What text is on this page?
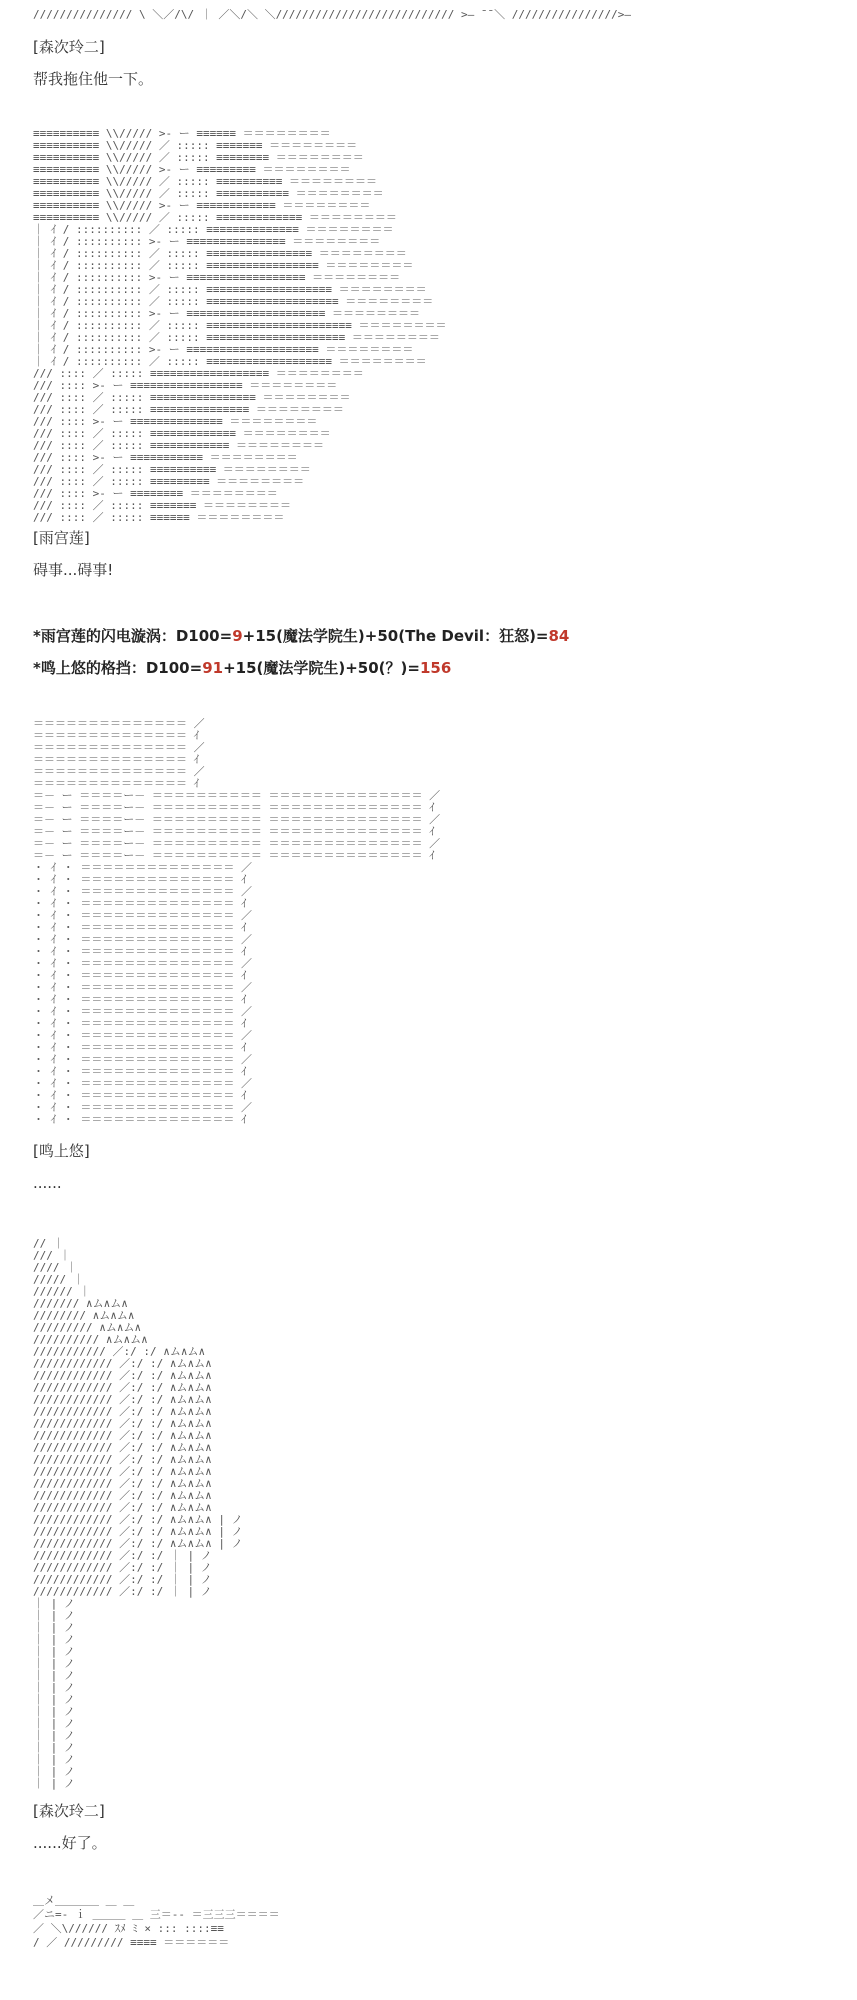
/////////////// \ ＼／/\/ ｜ ／＼/＼ ＼/////////////////////////// >— ̄ ̄ ＼ ////////////////>—
[森次玲二]
帮我拖住他一下。
≡≡≡≡≡≡≡≡≡≡ \\///// >- ー ≡≡≡≡≡≡ ＝＝＝＝＝＝＝＝
≡≡≡≡≡≡≡≡≡≡ \\///// ／ ::::: ≡≡≡≡≡≡≡ ＝＝＝＝＝＝＝＝
≡≡≡≡≡≡≡≡≡≡ \\///// ／ ::::: ≡≡≡≡≡≡≡≡ ＝＝＝＝＝＝＝＝
≡≡≡≡≡≡≡≡≡≡ \\///// >- ー ≡≡≡≡≡≡≡≡≡ ＝＝＝＝＝＝＝＝
≡≡≡≡≡≡≡≡≡≡ \\///// ／ ::::: ≡≡≡≡≡≡≡≡≡≡ ＝＝＝＝＝＝＝＝
≡≡≡≡≡≡≡≡≡≡ \\///// ／ ::::: ≡≡≡≡≡≡≡≡≡≡≡ ＝＝＝＝＝＝＝＝
≡≡≡≡≡≡≡≡≡≡ \\///// >- ー ≡≡≡≡≡≡≡≡≡≡≡≡ ＝＝＝＝＝＝＝＝
≡≡≡≡≡≡≡≡≡≡ \\///// ／ ::::: ≡≡≡≡≡≡≡≡≡≡≡≡≡ ＝＝＝＝＝＝＝＝
｜ ｲ / :::::::::: ／ ::::: ≡≡≡≡≡≡≡≡≡≡≡≡≡≡ ＝＝＝＝＝＝＝＝
｜ ｲ / :::::::::: >- ー ≡≡≡≡≡≡≡≡≡≡≡≡≡≡≡ ＝＝＝＝＝＝＝＝
｜ ｲ / :::::::::: ／ ::::: ≡≡≡≡≡≡≡≡≡≡≡≡≡≡≡≡ ＝＝＝＝＝＝＝＝
｜ ｲ / :::::::::: ／ ::::: ≡≡≡≡≡≡≡≡≡≡≡≡≡≡≡≡≡ ＝＝＝＝＝＝＝＝
｜ ｲ / :::::::::: >- ー ≡≡≡≡≡≡≡≡≡≡≡≡≡≡≡≡≡≡ ＝＝＝＝＝＝＝＝
｜ ｲ / :::::::::: ／ ::::: ≡≡≡≡≡≡≡≡≡≡≡≡≡≡≡≡≡≡≡ ＝＝＝＝＝＝＝＝
｜ ｲ / :::::::::: ／ ::::: ≡≡≡≡≡≡≡≡≡≡≡≡≡≡≡≡≡≡≡≡ ＝＝＝＝＝＝＝＝
｜ ｲ / :::::::::: >- ー ≡≡≡≡≡≡≡≡≡≡≡≡≡≡≡≡≡≡≡≡≡ ＝＝＝＝＝＝＝＝
｜ ｲ / :::::::::: ／ ::::: ≡≡≡≡≡≡≡≡≡≡≡≡≡≡≡≡≡≡≡≡≡≡ ＝＝＝＝＝＝＝＝
｜ ｲ / :::::::::: ／ ::::: ≡≡≡≡≡≡≡≡≡≡≡≡≡≡≡≡≡≡≡≡≡ ＝＝＝＝＝＝＝＝
｜ ｲ / :::::::::: >- ー ≡≡≡≡≡≡≡≡≡≡≡≡≡≡≡≡≡≡≡≡ ＝＝＝＝＝＝＝＝
｜ ｲ / :::::::::: ／ ::::: ≡≡≡≡≡≡≡≡≡≡≡≡≡≡≡≡≡≡≡ ＝＝＝＝＝＝＝＝
/// :::: ／ ::::: ≡≡≡≡≡≡≡≡≡≡≡≡≡≡≡≡≡≡ ＝＝＝＝＝＝＝＝
/// :::: >- ー ≡≡≡≡≡≡≡≡≡≡≡≡≡≡≡≡≡ ＝＝＝＝＝＝＝＝
/// :::: ／ ::::: ≡≡≡≡≡≡≡≡≡≡≡≡≡≡≡≡ ＝＝＝＝＝＝＝＝
/// :::: ／ ::::: ≡≡≡≡≡≡≡≡≡≡≡≡≡≡≡ ＝＝＝＝＝＝＝＝
/// :::: >- ー ≡≡≡≡≡≡≡≡≡≡≡≡≡≡ ＝＝＝＝＝＝＝＝
/// :::: ／ ::::: ≡≡≡≡≡≡≡≡≡≡≡≡≡ ＝＝＝＝＝＝＝＝
/// :::: ／ ::::: ≡≡≡≡≡≡≡≡≡≡≡≡ ＝＝＝＝＝＝＝＝
/// :::: >- ー ≡≡≡≡≡≡≡≡≡≡≡ ＝＝＝＝＝＝＝＝
/// :::: ／ ::::: ≡≡≡≡≡≡≡≡≡≡ ＝＝＝＝＝＝＝＝
/// :::: ／ ::::: ≡≡≡≡≡≡≡≡≡ ＝＝＝＝＝＝＝＝
/// :::: >- ー ≡≡≡≡≡≡≡≡ ＝＝＝＝＝＝＝＝
/// :::: ／ ::::: ≡≡≡≡≡≡≡ ＝＝＝＝＝＝＝＝
/// :::: ／ ::::: ≡≡≡≡≡≡ ＝＝＝＝＝＝＝＝
[雨宫莲]
碍事...碍事!
*雨宫莲的闪电漩涡：D100=9+15(魔法学院生)+50(The Devil：狂怒)=84
*鸣上悠的格挡：D100=91+15(魔法学院生)+50(？)=156
＝＝＝＝＝＝＝＝＝＝＝＝＝＝ ／
＝＝＝＝＝＝＝＝＝＝＝＝＝＝ ｲ
＝＝＝＝＝＝＝＝＝＝＝＝＝＝ ／
＝＝＝＝＝＝＝＝＝＝＝＝＝＝ ｲ
＝＝＝＝＝＝＝＝＝＝＝＝＝＝ ／
＝＝＝＝＝＝＝＝＝＝＝＝＝＝ ｲ
＝－ ー ＝＝＝＝ー－ ＝＝＝＝＝＝＝＝＝＝ ＝＝＝＝＝＝＝＝＝＝＝＝＝＝ ／
＝－ ー ＝＝＝＝ー－ ＝＝＝＝＝＝＝＝＝＝ ＝＝＝＝＝＝＝＝＝＝＝＝＝＝ ｲ
＝－ ー ＝＝＝＝ー－ ＝＝＝＝＝＝＝＝＝＝ ＝＝＝＝＝＝＝＝＝＝＝＝＝＝ ／
＝－ ー ＝＝＝＝ー－ ＝＝＝＝＝＝＝＝＝＝ ＝＝＝＝＝＝＝＝＝＝＝＝＝＝ ｲ
＝－ ー ＝＝＝＝ー－ ＝＝＝＝＝＝＝＝＝＝ ＝＝＝＝＝＝＝＝＝＝＝＝＝＝ ／
＝－ ー ＝＝＝＝ー－ ＝＝＝＝＝＝＝＝＝＝ ＝＝＝＝＝＝＝＝＝＝＝＝＝＝ ｲ
・ ｲ ・ ＝＝＝＝＝＝＝＝＝＝＝＝＝＝ ／
・ ｲ ・ ＝＝＝＝＝＝＝＝＝＝＝＝＝＝ ｲ
・ ｲ ・ ＝＝＝＝＝＝＝＝＝＝＝＝＝＝ ／
・ ｲ ・ ＝＝＝＝＝＝＝＝＝＝＝＝＝＝ ｲ
・ ｲ ・ ＝＝＝＝＝＝＝＝＝＝＝＝＝＝ ／
・ ｲ ・ ＝＝＝＝＝＝＝＝＝＝＝＝＝＝ ｲ
・ ｲ ・ ＝＝＝＝＝＝＝＝＝＝＝＝＝＝ ／
・ ｲ ・ ＝＝＝＝＝＝＝＝＝＝＝＝＝＝ ｲ
・ ｲ ・ ＝＝＝＝＝＝＝＝＝＝＝＝＝＝ ／
・ ｲ ・ ＝＝＝＝＝＝＝＝＝＝＝＝＝＝ ｲ
・ ｲ ・ ＝＝＝＝＝＝＝＝＝＝＝＝＝＝ ／
・ ｲ ・ ＝＝＝＝＝＝＝＝＝＝＝＝＝＝ ｲ
・ ｲ ・ ＝＝＝＝＝＝＝＝＝＝＝＝＝＝ ／
・ ｲ ・ ＝＝＝＝＝＝＝＝＝＝＝＝＝＝ ｲ
・ ｲ ・ ＝＝＝＝＝＝＝＝＝＝＝＝＝＝ ／
・ ｲ ・ ＝＝＝＝＝＝＝＝＝＝＝＝＝＝ ｲ
・ ｲ ・ ＝＝＝＝＝＝＝＝＝＝＝＝＝＝ ／
・ ｲ ・ ＝＝＝＝＝＝＝＝＝＝＝＝＝＝ ｲ
・ ｲ ・ ＝＝＝＝＝＝＝＝＝＝＝＝＝＝ ／
・ ｲ ・ ＝＝＝＝＝＝＝＝＝＝＝＝＝＝ ｲ
・ ｲ ・ ＝＝＝＝＝＝＝＝＝＝＝＝＝＝ ／
・ ｲ ・ ＝＝＝＝＝＝＝＝＝＝＝＝＝＝ ｲ
[鸣上悠]
......
// ｜
/// ｜
//// ｜
///// ｜
////// ｜
/////// ∧ム∧ム∧
//////// ∧ム∧ム∧
///////// ∧ム∧ム∧
////////// ∧ム∧ム∧
/////////// ／:/ :/ ∧ム∧ム∧
//////////// ／:/ :/ ∧ム∧ム∧
//////////// ／:/ :/ ∧ム∧ム∧
//////////// ／:/ :/ ∧ム∧ム∧
//////////// ／:/ :/ ∧ム∧ム∧
//////////// ／:/ :/ ∧ム∧ム∧
//////////// ／:/ :/ ∧ム∧ム∧
//////////// ／:/ :/ ∧ム∧ム∧
//////////// ／:/ :/ ∧ム∧ム∧
//////////// ／:/ :/ ∧ム∧ム∧
//////////// ／:/ :/ ∧ム∧ム∧
//////////// ／:/ :/ ∧ム∧ム∧
//////////// ／:/ :/ ∧ム∧ム∧
//////////// ／:/ :/ ∧ム∧ム∧
//////////// ／:/ :/ ∧ム∧ム∧ | ノ
//////////// ／:/ :/ ∧ム∧ム∧ | ノ
//////////// ／:/ :/ ∧ム∧ム∧ | ノ
//////////// ／:/ :/ ｜ | ノ
//////////// ／:/ :/ ｜ | ノ
//////////// ／:/ :/ ｜ | ノ
//////////// ／:/ :/ ｜ | ノ
｜ | ノ
｜ | ノ
｜ | ノ
｜ | ノ
｜ | ノ
｜ | ノ
｜ | ノ
｜ | ノ
｜ | ノ
｜ | ノ
｜ | ノ
｜ | ノ
｜ | ノ
｜ | ノ
｜ | ノ
｜ | ノ
[森次玲二]
......好了。
＿メ＿＿＿＿ ＿ ＿
／ニ=- ｉ ＿＿＿ ＿ 三＝-- ＝三三三＝＝＝＝
／ ＼\////// ｽﾒ ﾐ × ::: ::::≡≡
/ ／ ///////// ≡≡≡≡ ＝＝＝＝＝＝
